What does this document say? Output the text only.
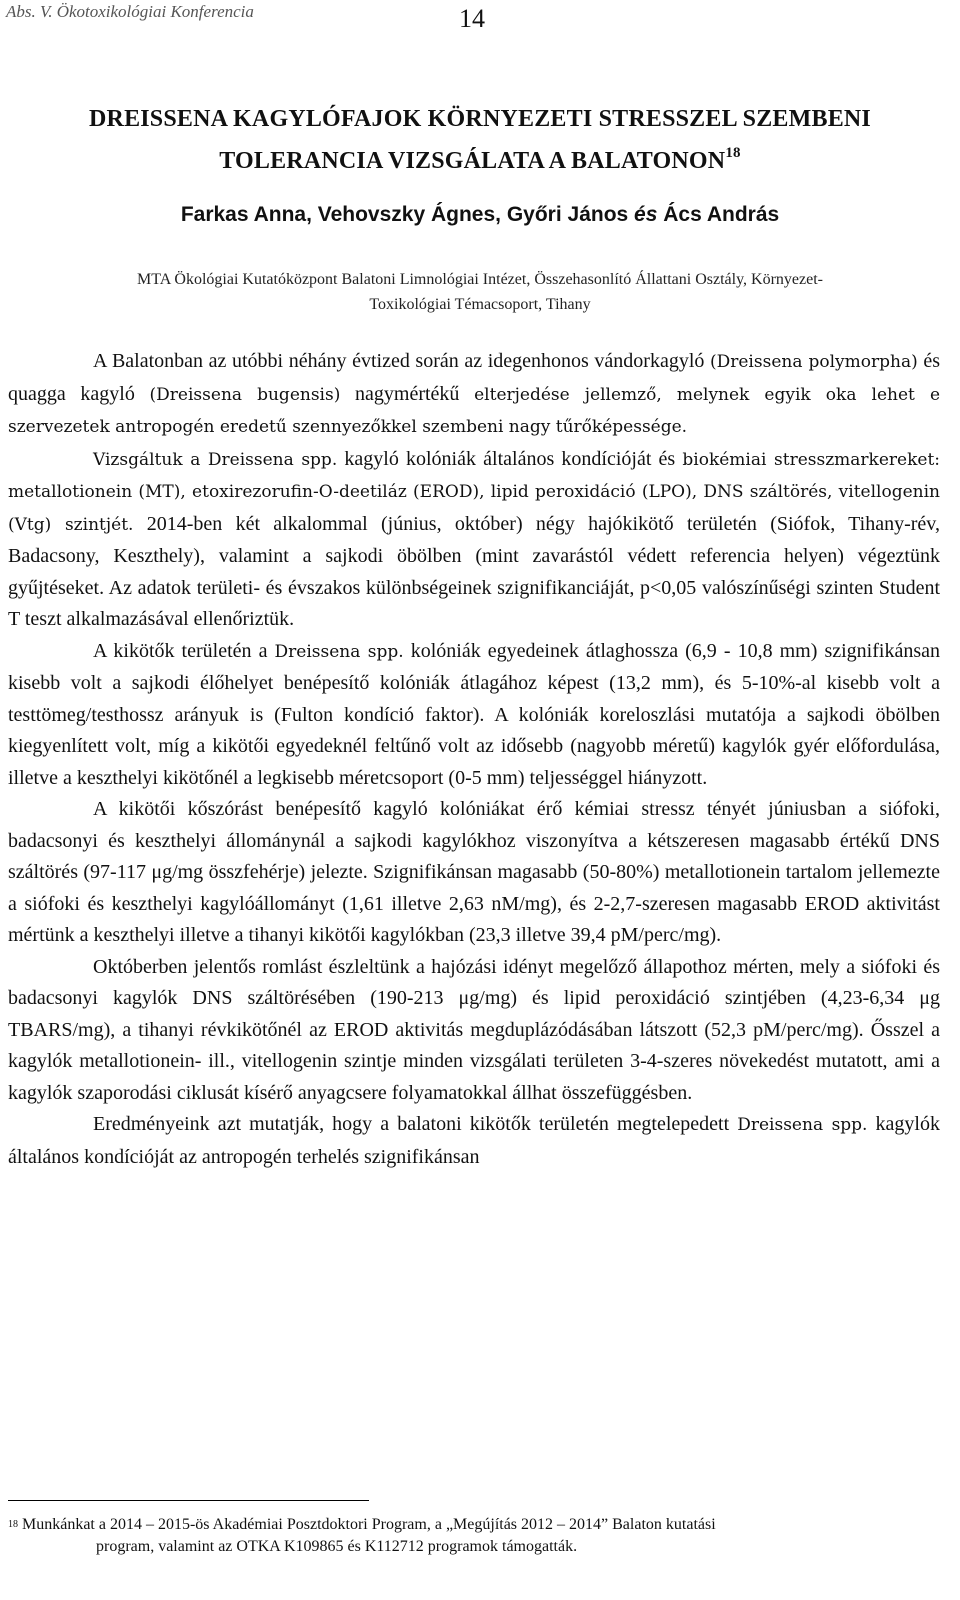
Abs. V. Ökotoxikológiai Konferencia	14
DREISSENA KAGYLÓFAJOK KÖRNYEZETI STRESSZEL SZEMBENI
TOLERANCIA VIZSGÁLATA A BALATONON$^{18}$
Farkas Anna, Vehovszky Ágnes, Győri János és Ács András
MTA Ökológiai Kutatóközpont Balatoni Limnológiai Intézet, Összehasonlító Állattani Osztály, Környezet-
Toxikológiai Témacsoport, Tihany

A Balatonban az utóbbi néhány évtized során az idegenhonos vándorkagyló (Dreissena polymorpha) és quagga kagyló (Dreissena bugensis) nagymértékű elterjedése jellemző, melynek egyik oka lehet e szervezetek antropogén eredetű szennyezőkkel szembeni nagy tűrőképessége.

Vizsgáltuk a Dreissena spp. kagyló kolóniák általános kondícióját és biokémiai stresszmarkereket: metallotionein (MT), etoxirezorufin-O-deetiláz (EROD), lipid peroxidáció (LPO), DNS száltörés, vitellogenin (Vtg) szintjét. 2014-ben két alkalommal (június, október) négy hajókikötő területén (Siófok, Tihany-rév, Badacsony, Keszthely), valamint a sajkodi öbölben (mint zavarástól védett referencia helyen) végeztünk gyűjtéseket. Az adatok területi- és évszakos különbségeinek szignifikanciáját, p<0,05 valószínűségi szinten Student T teszt alkalmazásával ellenőriztük.

A kikötők területén a Dreissena spp. kolóniák egyedeinek átlaghossza (6,9 - 10,8 mm) szignifikánsan kisebb volt a sajkodi élőhelyet benépesítő kolóniák átlagához képest (13,2 mm), és 5-10%-al kisebb volt a testtömeg/testhossz arányuk is (Fulton kondíció faktor). A kolóniák koreloszlási mutatója a sajkodi öbölben kiegyenlített volt, míg a kikötői egyedeknél feltűnő volt az idősebb (nagyobb méretű) kagylók gyér előfordulása, illetve a keszthelyi kikötőnél a legkisebb méretcsoport (0-5 mm) teljességgel hiányzott.

A kikötői kőszórást benépesítő kagyló kolóniákat érő kémiai stressz tényét júniusban a siófoki, badacsonyi és keszthelyi állománynál a sajkodi kagylókhoz viszonyítva a kétszeresen magasabb értékű DNS száltörés (97-117 μg/mg összfehérje) jelezte. Szignifikánsan magasabb (50-80%) metallotionein tartalom jellemezte a siófoki és keszthelyi kagylóállományt (1,61 illetve 2,63 nM/mg), és 2-2,7-szeresen magasabb EROD aktivitást mértünk a keszthelyi illetve a tihanyi kikötői kagylókban (23,3 illetve 39,4 pM/perc/mg).

Októberben jelentős romlást észleltünk a hajózási idényt megelőző állapothoz mérten, mely a siófoki és badacsonyi kagylók DNS száltörésében (190-213 μg/mg) és lipid peroxidáció szintjében (4,23-6,34 μg TBARS/mg), a tihanyi révkikötőnél az EROD aktivitás megduplázódásában látszott (52,3 pM/perc/mg). Ősszel a kagylók metallotionein- ill., vitellogenin szintje minden vizsgálati területen 3-4-szeres növekedést mutatott, ami a kagylók szaporodási ciklusát kísérő anyagcsere folyamatokkal állhat összefüggésben.

Eredményeink azt mutatják, hogy a balatoni kikötők területén megtelepedett Dreissena spp. kagylók általános kondícióját az antropogén terhelés szignifikánsan

$^{18}$ Munkánkat a 2014 – 2015-ös Akadémiai Posztdoktori Program, a „Megújítás 2012 – 2014” Balaton kutatási
program, valamint az OTKA K109865 és K112712 programok támogatták.
